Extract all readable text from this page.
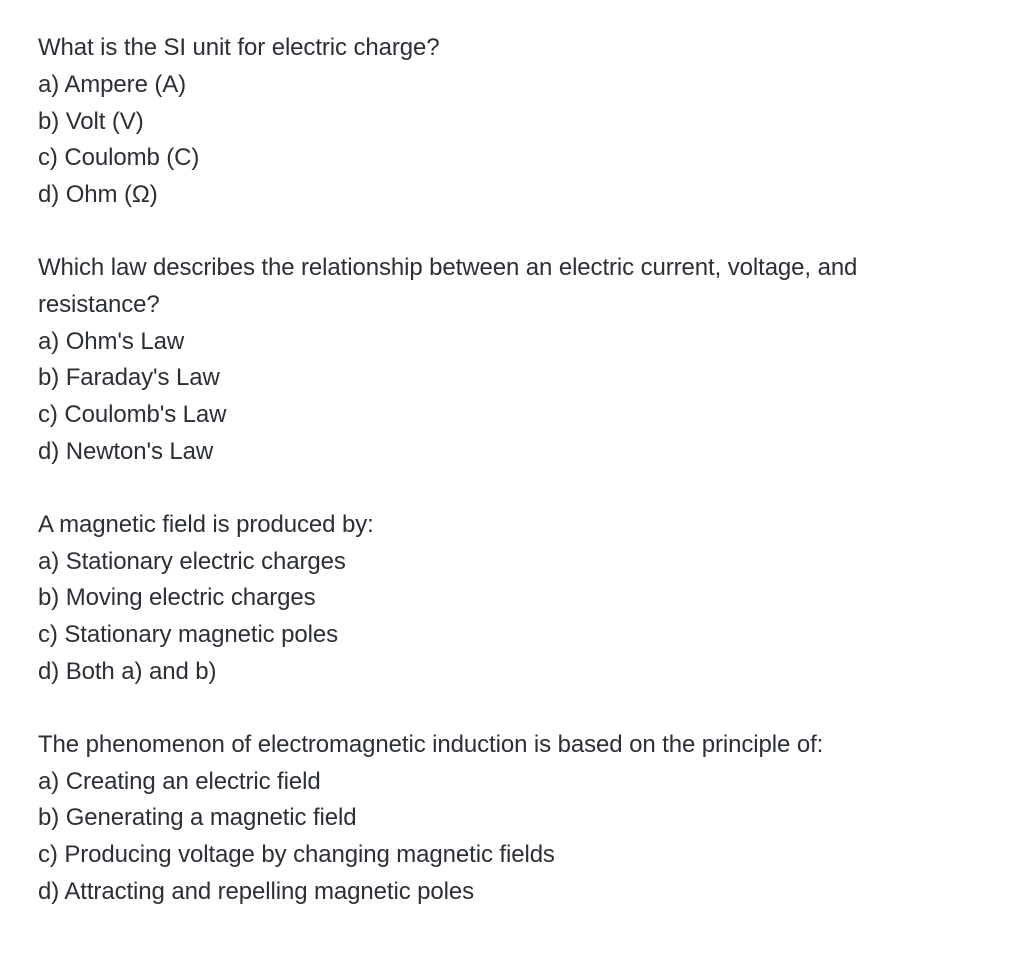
What is the SI unit for electric charge?

a) Ampere (A)
b) Volt (V)
c) Coulomb (C)
d) Ohm (Ω)

Which law describes the relationship between an electric current, voltage, and resistance?

a) Ohm's Law
b) Faraday's Law
c) Coulomb's Law
d) Newton's Law

A magnetic field is produced by:

a) Stationary electric charges
b) Moving electric charges
c) Stationary magnetic poles
d) Both a) and b)

The phenomenon of electromagnetic induction is based on the principle of:

a) Creating an electric field
b) Generating a magnetic field
c) Producing voltage by changing magnetic fields
d) Attracting and repelling magnetic poles
